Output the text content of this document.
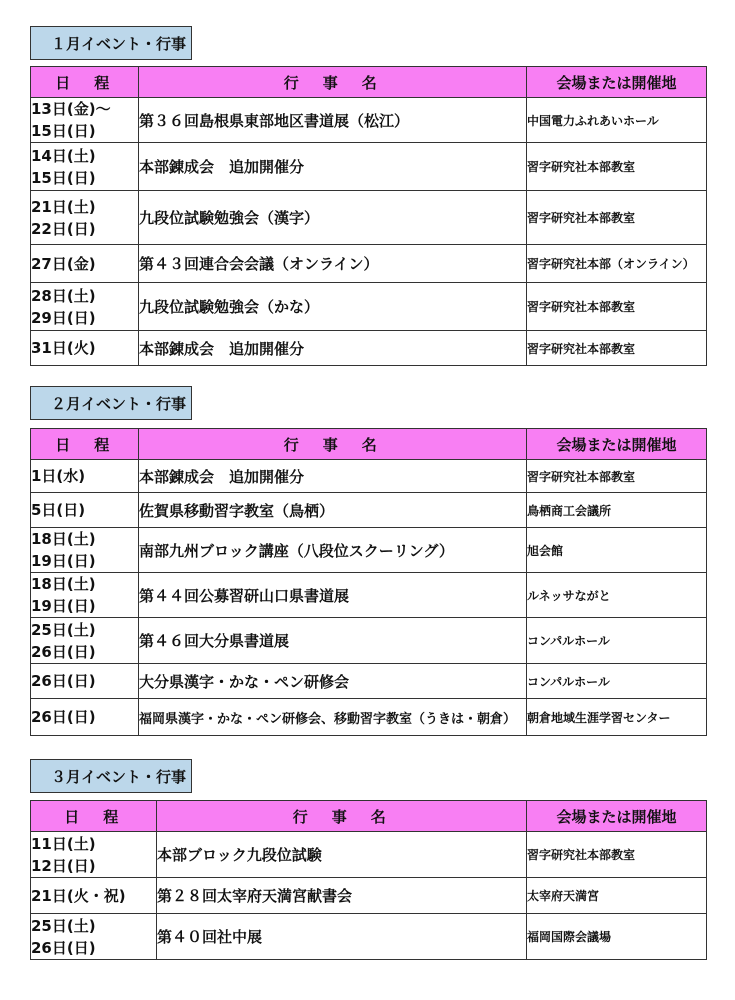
１月イベント・行事
日　程	行　事　名	会場または開催地

13日(金)～
15日(日)	第３６回島根県東部地区書道展（松江）	中国電力ふれあいホール

14日(土)
15日(日)	本部錬成会　追加開催分	習字研究社本部教室

21日(土)
22日(日)	九段位試験勉強会（漢字）	習字研究社本部教室

27日(金)	第４３回連合会会議（オンライン）	習字研究社本部（オンライン）

28日(土)
29日(日)	九段位試験勉強会（かな）	習字研究社本部教室

31日(火)	本部錬成会　追加開催分	習字研究社本部教室
２月イベント・行事
日　程	行　事　名	会場または開催地

1日(水)	本部錬成会　追加開催分	習字研究社本部教室

5日(日)	佐賀県移動習字教室（鳥栖）	鳥栖商工会議所

18日(土)
19日(日)	南部九州ブロック講座（八段位スクーリング）	旭会館

18日(土)
19日(日)	第４４回公募習研山口県書道展	ルネッサながと

25日(土)
26日(日)	第４６回大分県書道展	コンパルホール

26日(日)	大分県漢字・かな・ペン研修会	コンパルホール

26日(日)	福岡県漢字・かな・ペン研修会、移動習字教室（うきは・朝倉）	朝倉地域生涯学習センター
３月イベント・行事
日　程	行　事　名	会場または開催地

11日(土)
12日(日)	本部ブロック九段位試験	習字研究社本部教室

21日(火・祝)	第２８回太宰府天満宮献書会	太宰府天満宮

25日(土)
26日(日)	第４０回社中展	福岡国際会議場
